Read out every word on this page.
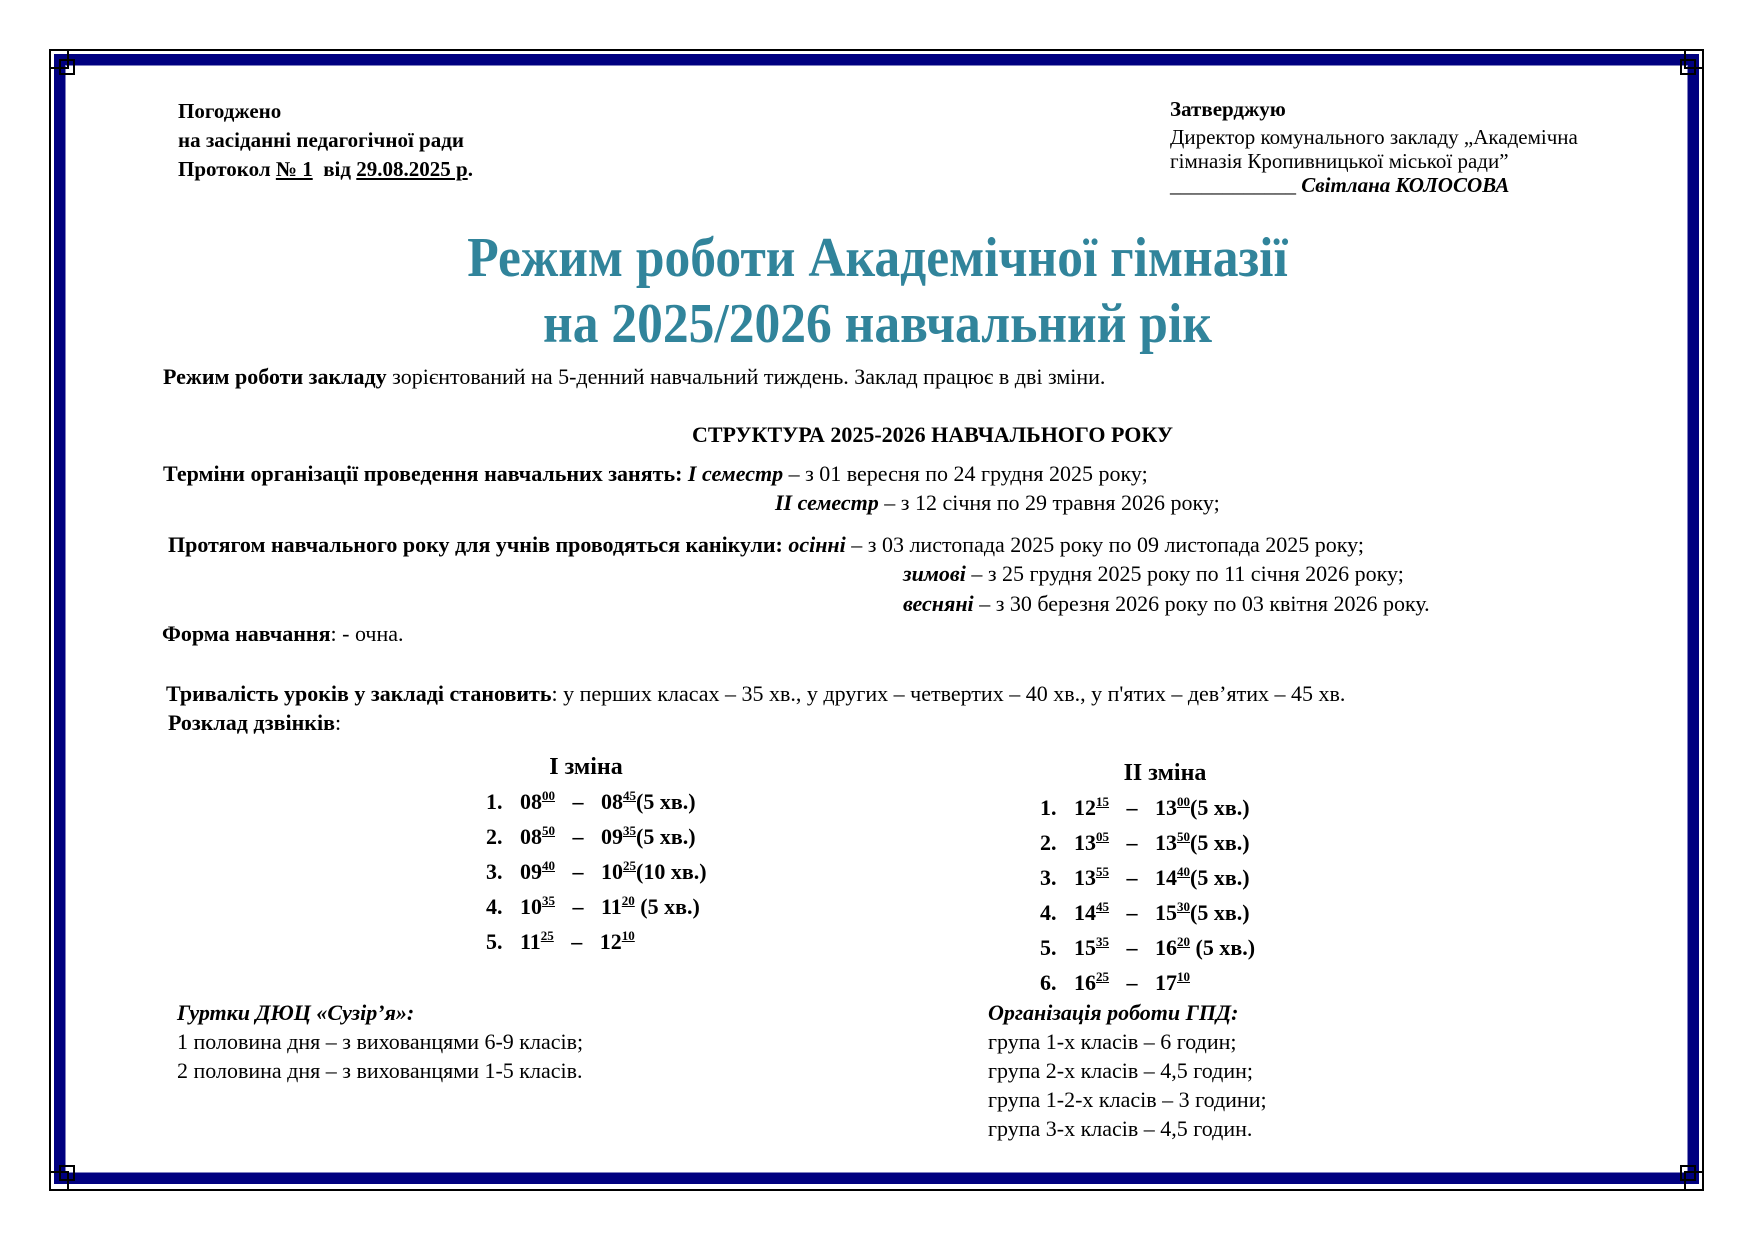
Погоджено
на засіданні педагогічної ради
Протокол № 1  від 29.08.2025 р.
Затверджую
Директор комунального закладу „Академічна
гімназія Кропивницької міської ради”
____________ Світлана КОЛОСОВА
Режим роботи Академічної гімназії
на 2025/2026 навчальний рік
Режим роботи закладу зорієнтований на 5-денний навчальний тиждень. Заклад працює в дві зміни.
СТРУКТУРА 2025-2026 НАВЧАЛЬНОГО РОКУ
Терміни організації проведення навчальних занять: І семестр – з 01 вересня по 24 грудня 2025 року;
ІІ семестр – з 12 січня по 29 травня 2026 року;
Протягом навчального року для учнів проводяться канікули: осінні – з 03 листопада 2025 року по 09 листопада 2025 року;
зимові – з 25 грудня 2025 року по 11 січня 2026 року;
весняні – з 30 березня 2026 року по 03 квітня 2026 року.
Форма навчання: - очна.
Тривалість уроків у закладі становить: у перших класах – 35 хв., у других – четвертих – 40 хв., у п'ятих – дев’ятих – 45 хв.
Розклад дзвінків:
І зміна
1. $08^{00} - 08^{45}(5$ хв.)
2. $08^{50} - 09^{35}(5$ хв.)
3. $09^{40} - 10^{25}(10$ хв.)
4. $10^{35} - 11^{20}$ (5 хв.)
5. $11^{25} - 12^{10}$
ІІ зміна
1. $12^{15} - 13^{00}(5$ хв.)
2. $13^{05} - 13^{50}(5$ хв.)
3. $13^{55} - 14^{40}(5$ хв.)
4. $14^{45} - 15^{30}(5$ хв.)
5. $15^{35} - 16^{20}$ (5 хв.)
6. $16^{25} - 17^{10}$
Гуртки ДЮЦ «Сузір’я»:
1 половина дня – з вихованцями 6-9 класів;
2 половина дня – з вихованцями 1-5 класів.
Організація роботи ГПД:
група 1-х класів – 6 годин;
група 2-х класів – 4,5 годин;
група 1-2-х класів – 3 години;
група 3-х класів – 4,5 годин.
